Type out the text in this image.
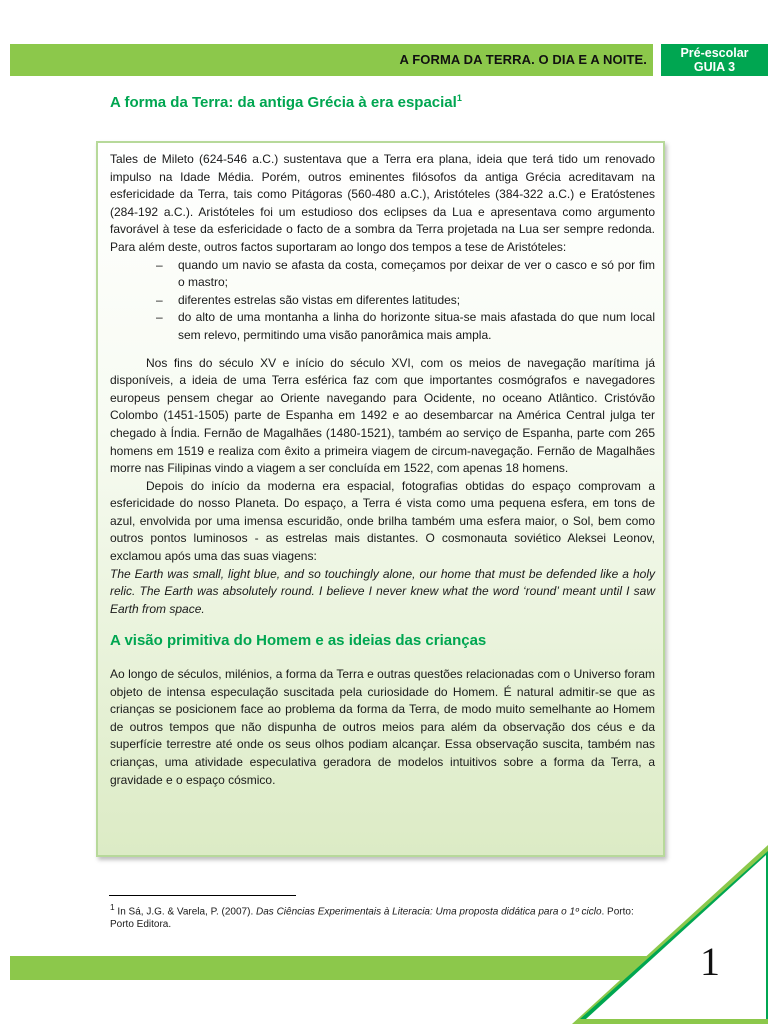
A FORMA DA TERRA. O DIA E A NOITE.	Pré-escolar
GUIA 3
A forma da Terra: da antiga Grécia à era espacial$^1$

Tales de Mileto (624-546 a.C.) sustentava que a Terra era plana, ideia que terá tido um renovado impulso na Idade Média. Porém, outros eminentes filósofos da antiga Grécia acreditavam na esfericidade da Terra, tais como Pitágoras (560-480 a.C.), Aristóteles (384-322 a.C.) e Eratóstenes (284-192 a.C.). Aristóteles foi um estudioso dos eclipses da Lua e apresentava como argumento favorável à tese da esfericidade o facto de a sombra da Terra projetada na Lua ser sempre redonda. Para além deste, outros factos suportaram ao longo dos tempos a tese de Aristóteles:

– quando um navio se afasta da costa, começamos por deixar de ver o casco e só por fim o mastro;
– diferentes estrelas são vistas em diferentes latitudes;
– do alto de uma montanha a linha do horizonte situa-se mais afastada do que num local sem relevo, permitindo uma visão panorâmica mais ampla.

Nos fins do século XV e início do século XVI, com os meios de navegação marítima já disponíveis, a ideia de uma Terra esférica faz com que importantes cosmógrafos e navegadores europeus pensem chegar ao Oriente navegando para Ocidente, no oceano Atlântico. Cristóvão Colombo (1451-1505) parte de Espanha em 1492 e ao desembarcar na América Central julga ter chegado à Índia. Fernão de Magalhães (1480-1521), também ao serviço de Espanha, parte com 265 homens em 1519 e realiza com êxito a primeira viagem de circum-navegação. Fernão de Magalhães morre nas Filipinas vindo a viagem a ser concluída em 1522, com apenas 18 homens.

Depois do início da moderna era espacial, fotografias obtidas do espaço comprovam a esfericidade do nosso Planeta. Do espaço, a Terra é vista como uma pequena esfera, em tons de azul, envolvida por uma imensa escuridão, onde brilha também uma esfera maior, o Sol, bem como outros pontos luminosos - as estrelas mais distantes. O cosmonauta soviético Aleksei Leonov, exclamou após uma das suas viagens:

The Earth was small, light blue, and so touchingly alone, our home that must be defended like a holy relic. The Earth was absolutely round. I believe I never knew what the word ‘round’ meant until I saw Earth from space.

A visão primitiva do Homem e as ideias das crianças

Ao longo de séculos, milénios, a forma da Terra e outras questões relacionadas com o Universo foram objeto de intensa especulação suscitada pela curiosidade do Homem. É natural admitir-se que as crianças se posicionem face ao problema da forma da Terra, de modo muito semelhante ao Homem de outros tempos que não dispunha de outros meios para além da observação dos céus e da superfície terrestre até onde os seus olhos podiam alcançar. Essa observação suscita, também nas crianças, uma atividade especulativa geradora de modelos intuitivos sobre a forma da Terra, a gravidade e o espaço cósmico.

$^1$ In Sá, J.G. & Varela, P. (2007). Das Ciências Experimentais à Literacia: Uma proposta didática para o 1º ciclo. Porto: Porto Editora.
1
